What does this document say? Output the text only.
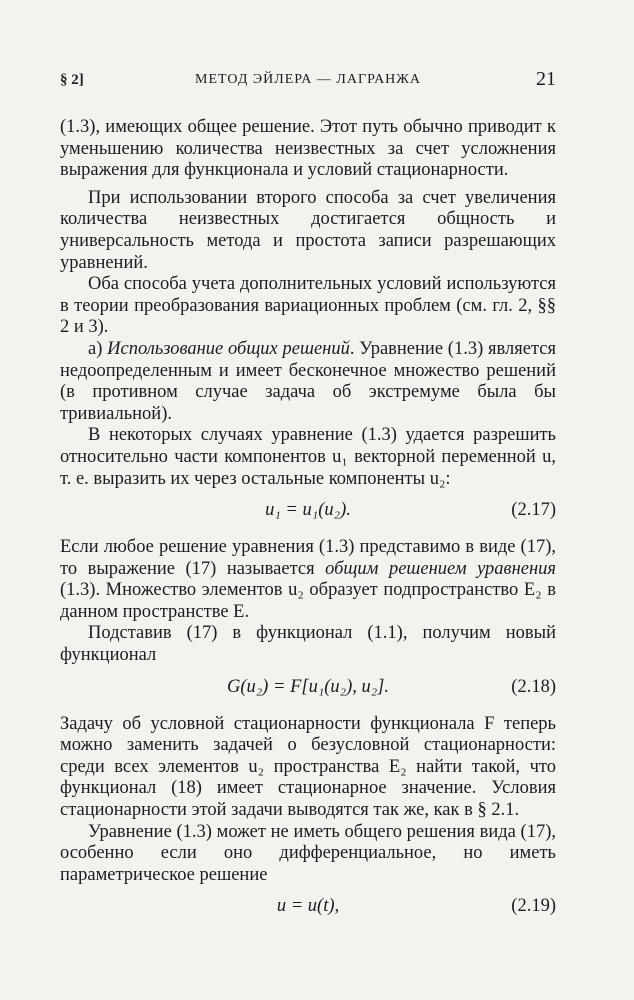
§ 2]	МЕТОД ЭЙЛЕРА — ЛАГРАНЖА	21

(1.3), имеющих общее решение. Этот путь обычно приводит к уменьшению количества неизвестных за счет усложнения выражения для функционала и условий стационарности.

При использовании второго способа за счет увеличения количества неизвестных достигается общность и универсальность метода и простота записи разрешающих уравнений.

Оба способа учета дополнительных условий используются в теории преобразования вариационных проблем (см. гл. 2, §§ 2 и 3).

а) Использование общих решений. Уравнение (1.3) является недоопределенным и имеет бесконечное множество решений (в противном случае задача об экстремуме была бы тривиальной).

В некоторых случаях уравнение (1.3) удается разрешить относительно части компонентов u₁ векторной переменной u, т. е. выразить их через остальные компоненты u₂:

u₁ = u₁(u₂).	(2.17)

Если любое решение уравнения (1.3) представимо в виде (17), то выражение (17) называется общим решением уравнения (1.3). Множество элементов u₂ образует подпространство E₂ в данном пространстве E.

Подставив (17) в функционал (1.1), получим новый функционал

G(u₂) = F[u₁(u₂), u₂].	(2.18)

Задачу об условной стационарности функционала F теперь можно заменить задачей о безусловной стационарности: среди всех элементов u₂ пространства E₂ найти такой, что функционал (18) имеет стационарное значение. Условия стационарности этой задачи выводятся так же, как в § 2.1.

Уравнение (1.3) может не иметь общего решения вида (17), особенно если оно дифференциальное, но иметь параметрическое решение

u = u(t),	(2.19)
